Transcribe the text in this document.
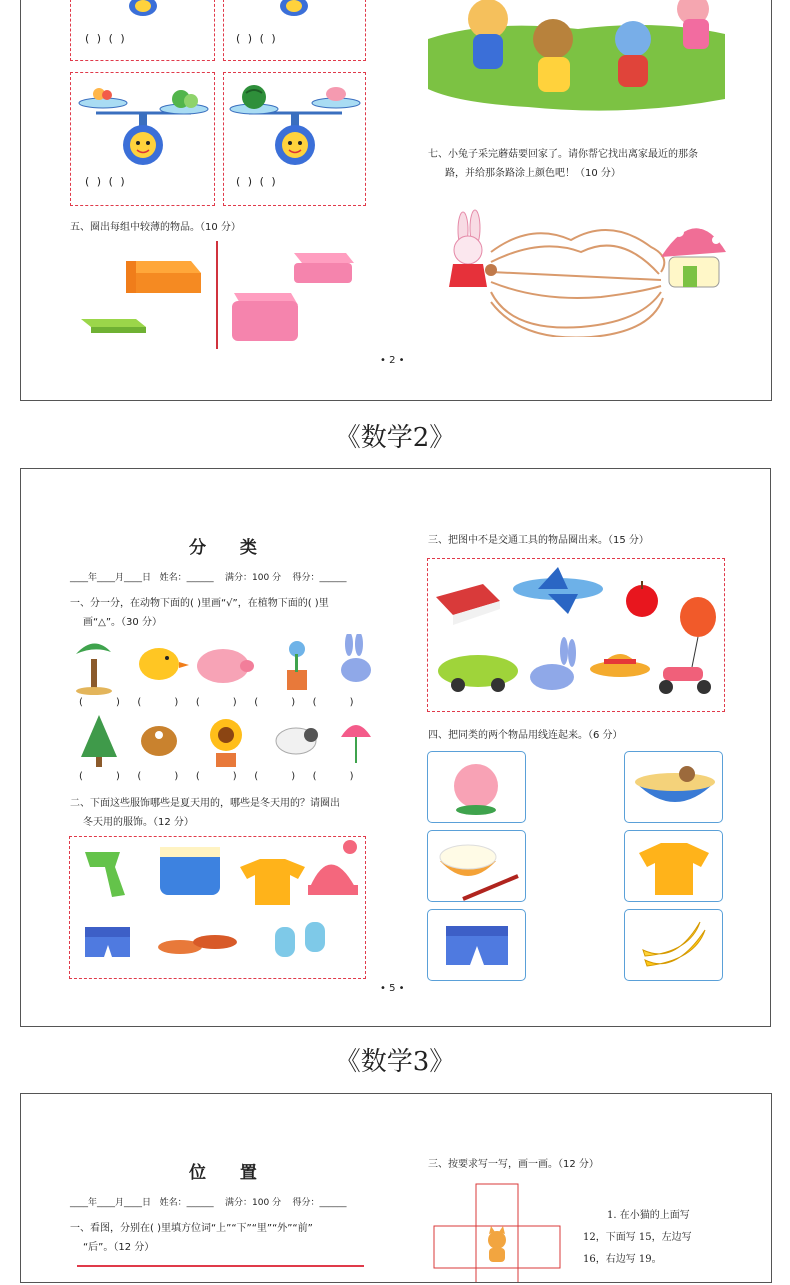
( ) ( )	( ) ( )
( ) ( )	( ) ( )
五、圈出每组中较薄的物品。（10 分）
七、小兔子采完蘑菇要回家了。请你帮它找出离家最近的那条
路，并给那条路涂上颜色吧！（10 分）
• 2 •
《数学2》
分 类
____年____月____日   姓名：______    满分：100 分    得分：______
一、分一分，在动物下面的( )里画“√”，在植物下面的( )里
画“△”。（30 分）
(      )   (      )   (      )   (      )   (      )
(      )   (      )   (      )   (      )   (      )
二、下面这些服饰哪些是夏天用的，哪些是冬天用的？请圈出
冬天用的服饰。（12 分）
三、把图中不是交通工具的物品圈出来。（15 分）
四、把同类的两个物品用线连起来。（6 分）
• 5 •
《数学3》
位 置
____年____月____日   姓名：______    满分：100 分    得分：______
一、看图，分别在( )里填方位词“上”“下”“里”“外”“前”
“后”。（12 分）
三、按要求写一写，画一画。（12 分）
1. 在小猫的上面写
12，下面写 15，左边写
16，右边写 19。
